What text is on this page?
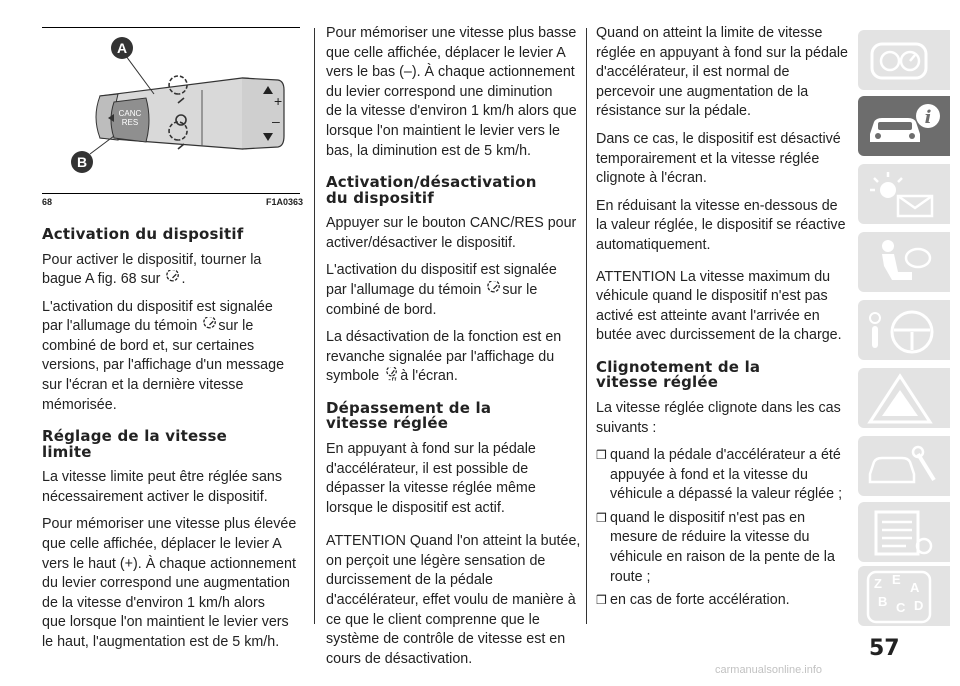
CANC
RES
+
–
A
B
68	F1A0363
Activation du dispositif

Pour activer le dispositif, tourner la
bague A fig. 68 sur .

L'activation du dispositif est signalée
par l'allumage du témoin sur le
combiné de bord et, sur certaines
versions, par l'affichage d'un message
sur l'écran et la dernière vitesse
mémorisée.

Réglage de la vitesse
limite

La vitesse limite peut être réglée sans
nécessairement activer le dispositif.

Pour mémoriser une vitesse plus élevée
que celle affichée, déplacer le levier A
vers le haut (+). À chaque actionnement
du levier correspond une augmentation
de la vitesse d'environ 1 km/h alors
que lorsque l'on maintient le levier vers
le haut, l'augmentation est de 5 km/h.

Pour mémoriser une vitesse plus basse
que celle affichée, déplacer le levier A
vers le bas (–). À chaque actionnement
du levier correspond une diminution
de la vitesse d'environ 1 km/h alors que
lorsque l'on maintient le levier vers le
bas, la diminution est de 5 km/h.

Activation/désactivation
du dispositif

Appuyer sur le bouton CANC/RES pour
activer/désactiver le dispositif.

L'activation du dispositif est signalée
par l'allumage du témoin sur le
combiné de bord.

La désactivation de la fonction est en
revanche signalée par l'affichage du
symbole à l'écran.

Dépassement de la
vitesse réglée

En appuyant à fond sur la pédale
d'accélérateur, il est possible de
dépasser la vitesse réglée même
lorsque le dispositif est actif.

ATTENTION Quand l'on atteint la butée,
on perçoit une légère sensation de
durcissement de la pédale
d'accélérateur, effet voulu de manière à
ce que le client comprenne que le
système de contrôle de vitesse est en
cours de désactivation.

Quand on atteint la limite de vitesse
réglée en appuyant à fond sur la pédale
d'accélérateur, il est normal de
percevoir une augmentation de la
résistance sur la pédale.

Dans ce cas, le dispositif est désactivé
temporairement et la vitesse réglée
clignote à l'écran.

En réduisant la vitesse en-dessous de
la valeur réglée, le dispositif se réactive
automatiquement.

ATTENTION La vitesse maximum du
véhicule quand le dispositif n'est pas
activé est atteinte avant l'arrivée en
butée avec durcissement de la charge.

Clignotement de la
vitesse réglée

La vitesse réglée clignote dans les cas
suivants :

❒ quand la pédale d'accélérateur a été
appuyée à fond et la vitesse du
véhicule a dépassé la valeur réglée ;
❒ quand le dispositif n'est pas en
mesure de réduire la vitesse du
véhicule en raison de la pente de la
route ;
❒ en cas de forte accélération.
i
Z E
A
B C D
57
carmanualsonline.info
